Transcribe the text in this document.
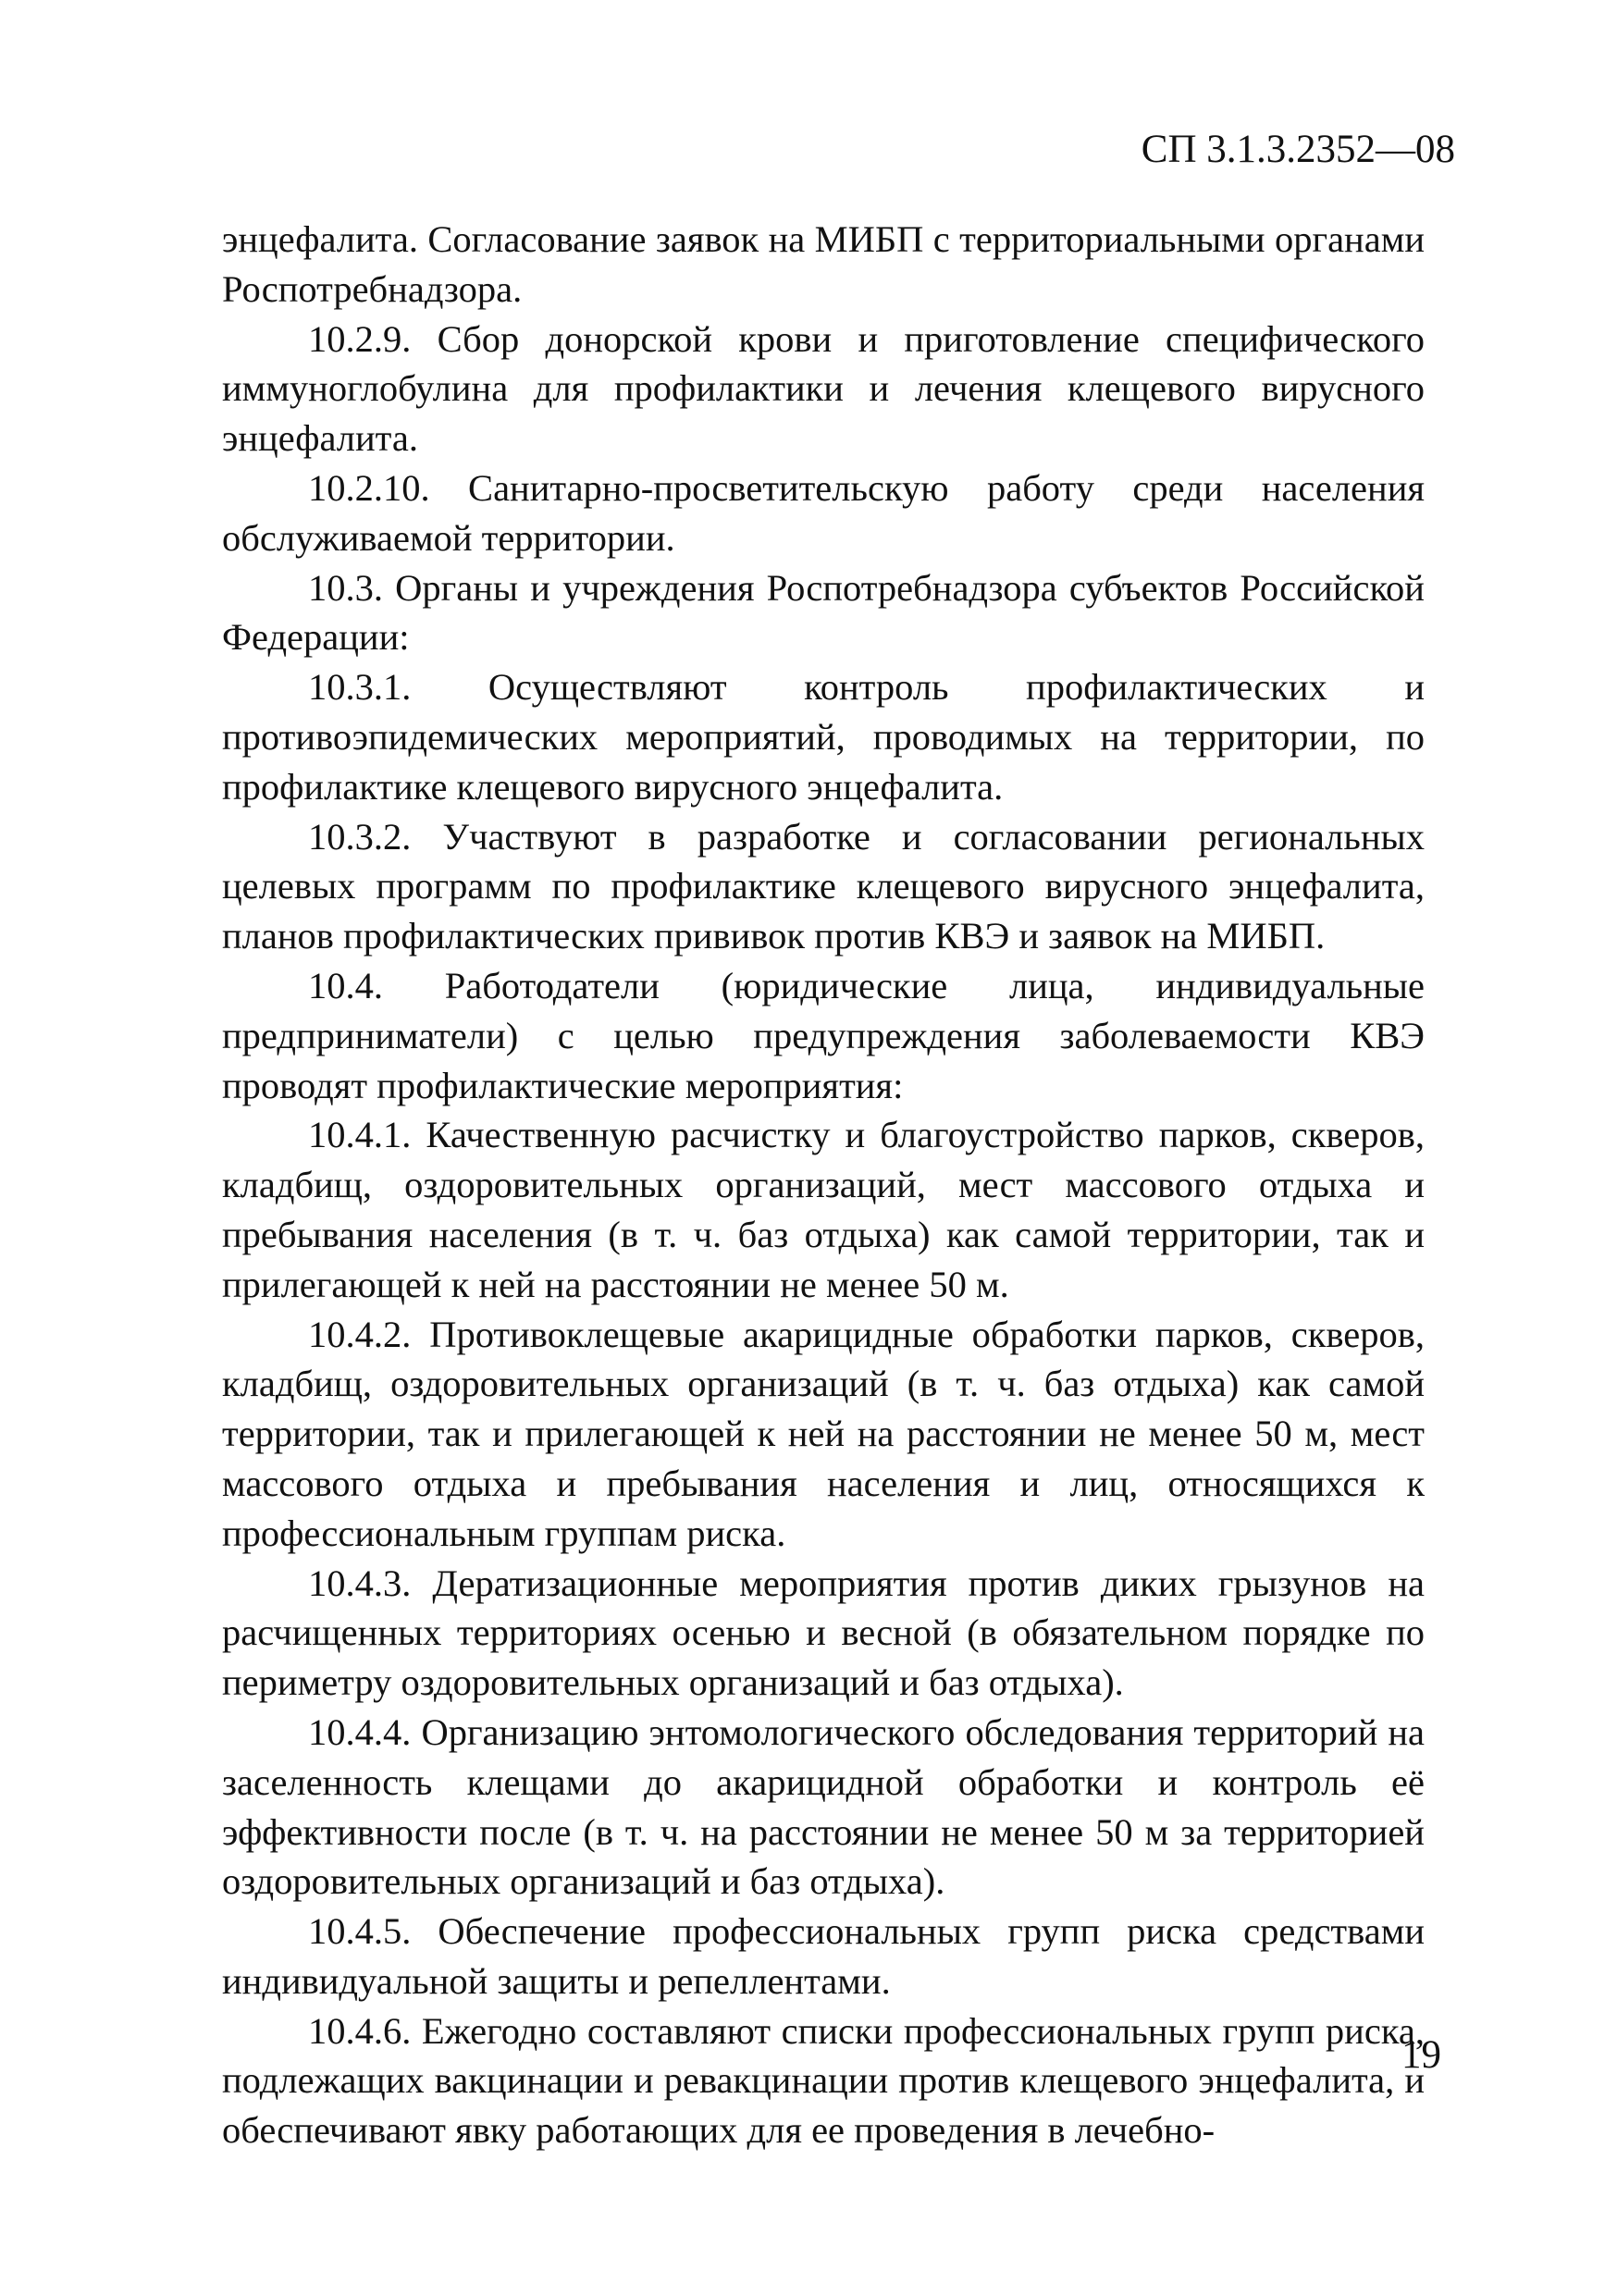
СП 3.1.3.2352—08

энцефалита. Согласование заявок на МИБП с территориальными органами Роспотребнадзора.

10.2.9. Сбор донорской крови и приготовление специфического иммуноглобулина для профилактики и лечения клещевого вирусного энцефалита.

10.2.10. Санитарно-просветительскую работу среди населения обслуживаемой территории.

10.3. Органы и учреждения Роспотребнадзора субъектов Российской Федерации:

10.3.1. Осуществляют контроль профилактических и противоэпидемических мероприятий, проводимых на территории, по профилактике клещевого вирусного энцефалита.

10.3.2. Участвуют в разработке и согласовании региональных целевых программ по профилактике клещевого вирусного энцефалита, планов профилактических прививок против КВЭ и заявок на МИБП.

10.4. Работодатели (юридические лица, индивидуальные предприниматели) с целью предупреждения заболеваемости КВЭ проводят профилактические мероприятия:

10.4.1. Качественную расчистку и благоустройство парков, скверов, кладбищ, оздоровительных организаций, мест массового отдыха и пребывания населения (в т. ч. баз отдыха) как самой территории, так и прилегающей к ней на расстоянии не менее 50 м.

10.4.2. Противоклещевые акарицидные обработки парков, скверов, кладбищ, оздоровительных организаций (в т. ч. баз отдыха) как самой территории, так и прилегающей к ней на расстоянии не менее 50 м, мест массового отдыха и пребывания населения и лиц, относящихся к профессиональным группам риска.

10.4.3. Дератизационные мероприятия против диких грызунов на расчищенных территориях осенью и весной (в обязательном порядке по периметру оздоровительных организаций и баз отдыха).

10.4.4. Организацию энтомологического обследования территорий на заселенность клещами до акарицидной обработки и контроль её эффективности после (в т. ч. на расстоянии не менее 50 м за территорией оздоровительных организаций и баз отдыха).

10.4.5. Обеспечение профессиональных групп риска средствами индивидуальной защиты и репеллентами.

10.4.6. Ежегодно составляют списки профессиональных групп риска, подлежащих вакцинации и ревакцинации против клещевого энцефалита, и обеспечивают явку работающих для ее проведения в лечебно-

19
